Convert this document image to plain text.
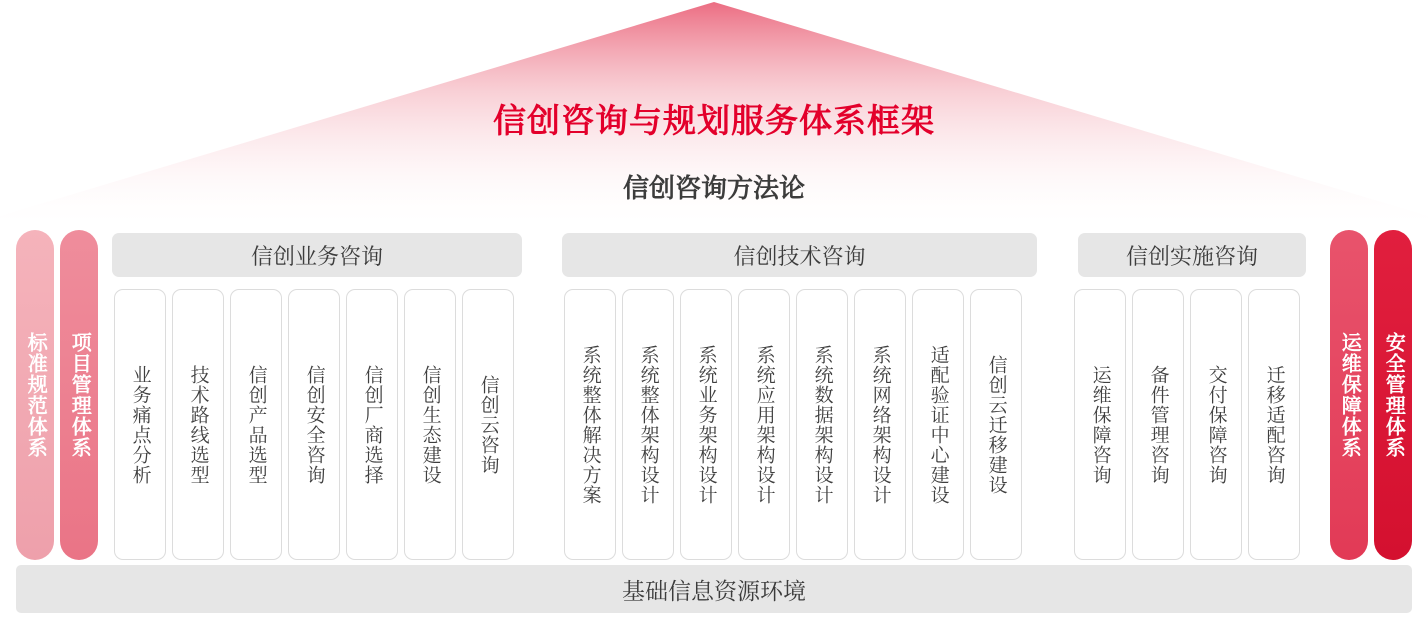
信创咨询与规划服务体系框架
信创咨询方法论
标准规范体系 项目管理体系	运维保障体系 安全管理体系
信创业务咨询	信创技术咨询	信创实施咨询
业务痛点分析 技术路线选型 信创产品选型 信创安全咨询 信创厂商选择 信创生态建设 信创云咨询	系统整体解决方案 系统整体架构设计 系统业务架构设计 系统应用架构设计 系统数据架构设计 系统网络架构设计 适配验证中心建设 信创云迁移建设	运维保障咨询 备件管理咨询 交付保障咨询 迁移适配咨询
基础信息资源环境
